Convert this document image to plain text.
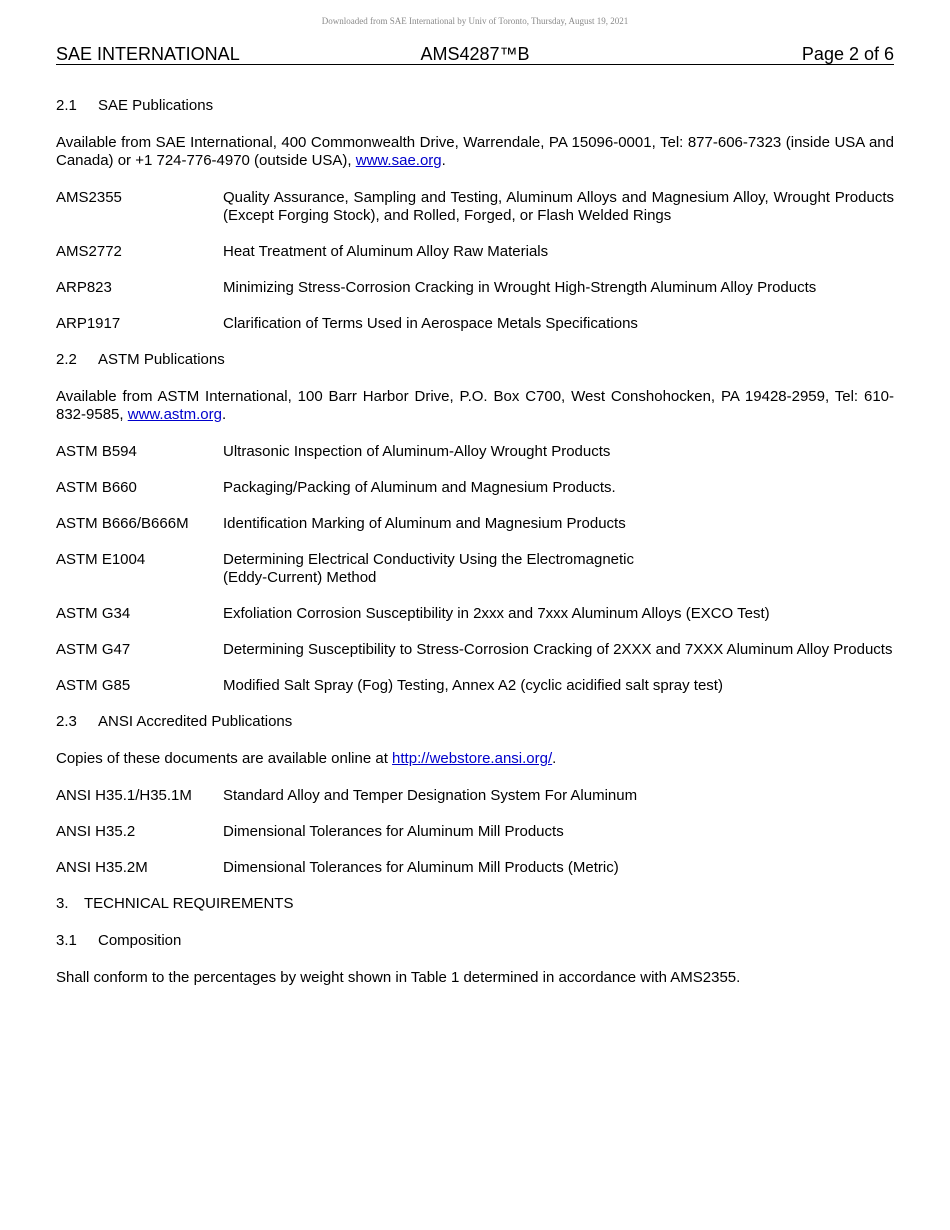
Downloaded from SAE International by Univ of Toronto, Thursday, August 19, 2021
AMS4287™B
SAE INTERNATIONAL	Page 2 of 6
2.1 SAE Publications
Available from SAE International, 400 Commonwealth Drive, Warrendale, PA 15096-0001, Tel: 877-606-7323 (inside USA and Canada) or +1 724-776-4970 (outside USA), www.sae.org.
AMS2355	Quality Assurance, Sampling and Testing, Aluminum Alloys and Magnesium Alloy, Wrought Products (Except Forging Stock), and Rolled, Forged, or Flash Welded Rings
AMS2772	Heat Treatment of Aluminum Alloy Raw Materials
ARP823	Minimizing Stress-Corrosion Cracking in Wrought High-Strength Aluminum Alloy Products
ARP1917	Clarification of Terms Used in Aerospace Metals Specifications
2.2 ASTM Publications
Available from ASTM International, 100 Barr Harbor Drive, P.O. Box C700, West Conshohocken, PA 19428-2959, Tel: 610-832-9585, www.astm.org.
ASTM B594	Ultrasonic Inspection of Aluminum-Alloy Wrought Products
ASTM B660	Packaging/Packing of Aluminum and Magnesium Products.
ASTM B666/B666M	Identification Marking of Aluminum and Magnesium Products
ASTM E1004	Determining Electrical Conductivity Using the Electromagnetic
(Eddy-Current) Method
ASTM G34	Exfoliation Corrosion Susceptibility in 2xxx and 7xxx Aluminum Alloys (EXCO Test)
ASTM G47	Determining Susceptibility to Stress-Corrosion Cracking of 2XXX and 7XXX Aluminum Alloy Products
ASTM G85	Modified Salt Spray (Fog) Testing, Annex A2 (cyclic acidified salt spray test)
2.3 ANSI Accredited Publications
Copies of these documents are available online at http://webstore.ansi.org/.
ANSI H35.1/H35.1M	Standard Alloy and Temper Designation System For Aluminum
ANSI H35.2	Dimensional Tolerances for Aluminum Mill Products
ANSI H35.2M	Dimensional Tolerances for Aluminum Mill Products (Metric)
3. TECHNICAL REQUIREMENTS
3.1 Composition
Shall conform to the percentages by weight shown in Table 1 determined in accordance with AMS2355.
